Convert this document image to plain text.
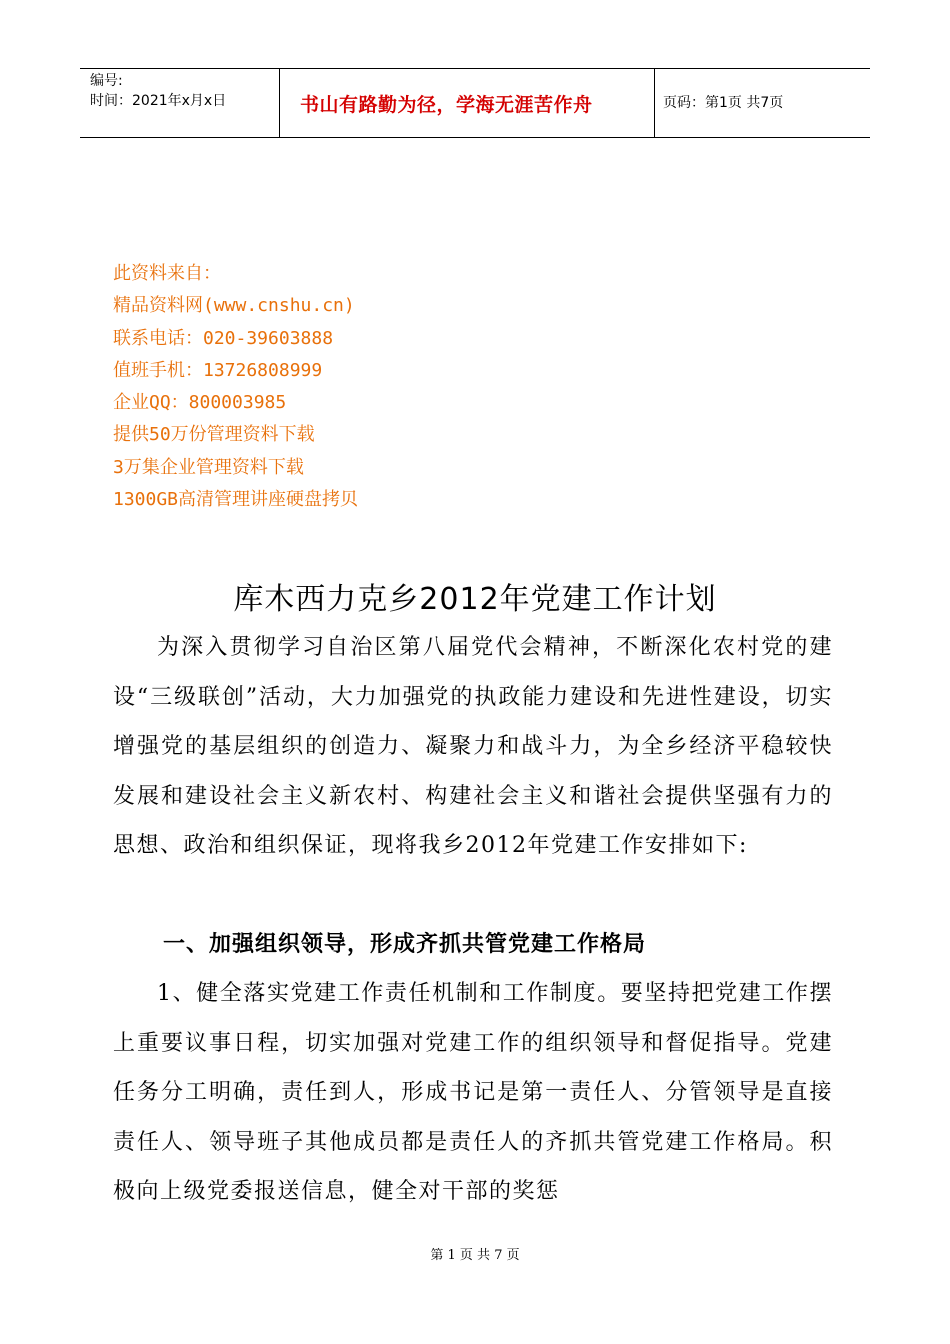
编号:
时间：2021年x月x日	书山有路勤为径，学海无涯苦作舟	页码：第1页 共7页
此资料来自：
精品资料网(www.cnshu.cn)
联系电话：020-39603888
值班手机：13726808999
企业QQ：800003985
提供50万份管理资料下载
3万集企业管理资料下载
1300GB高清管理讲座硬盘拷贝
库木西力克乡2012年党建工作计划

为深入贯彻学习自治区第八届党代会精神，不断深化农村党的建设“三级联创”活动，大力加强党的执政能力建设和先进性建设，切实增强党的基层组织的创造力、凝聚力和战斗力，为全乡经济平稳较快发展和建设社会主义新农村、构建社会主义和谐社会提供坚强有力的思想、政治和组织保证，现将我乡2012年党建工作安排如下:

一、加强组织领导，形成齐抓共管党建工作格局

1、健全落实党建工作责任机制和工作制度。要坚持把党建工作摆上重要议事日程，切实加强对党建工作的组织领导和督促指导。党建任务分工明确，责任到人，形成书记是第一责任人、分管领导是直接责任人、领导班子其他成员都是责任人的齐抓共管党建工作格局。积极向上级党委报送信息，健全对干部的奖惩

第 1 页 共 7 页
